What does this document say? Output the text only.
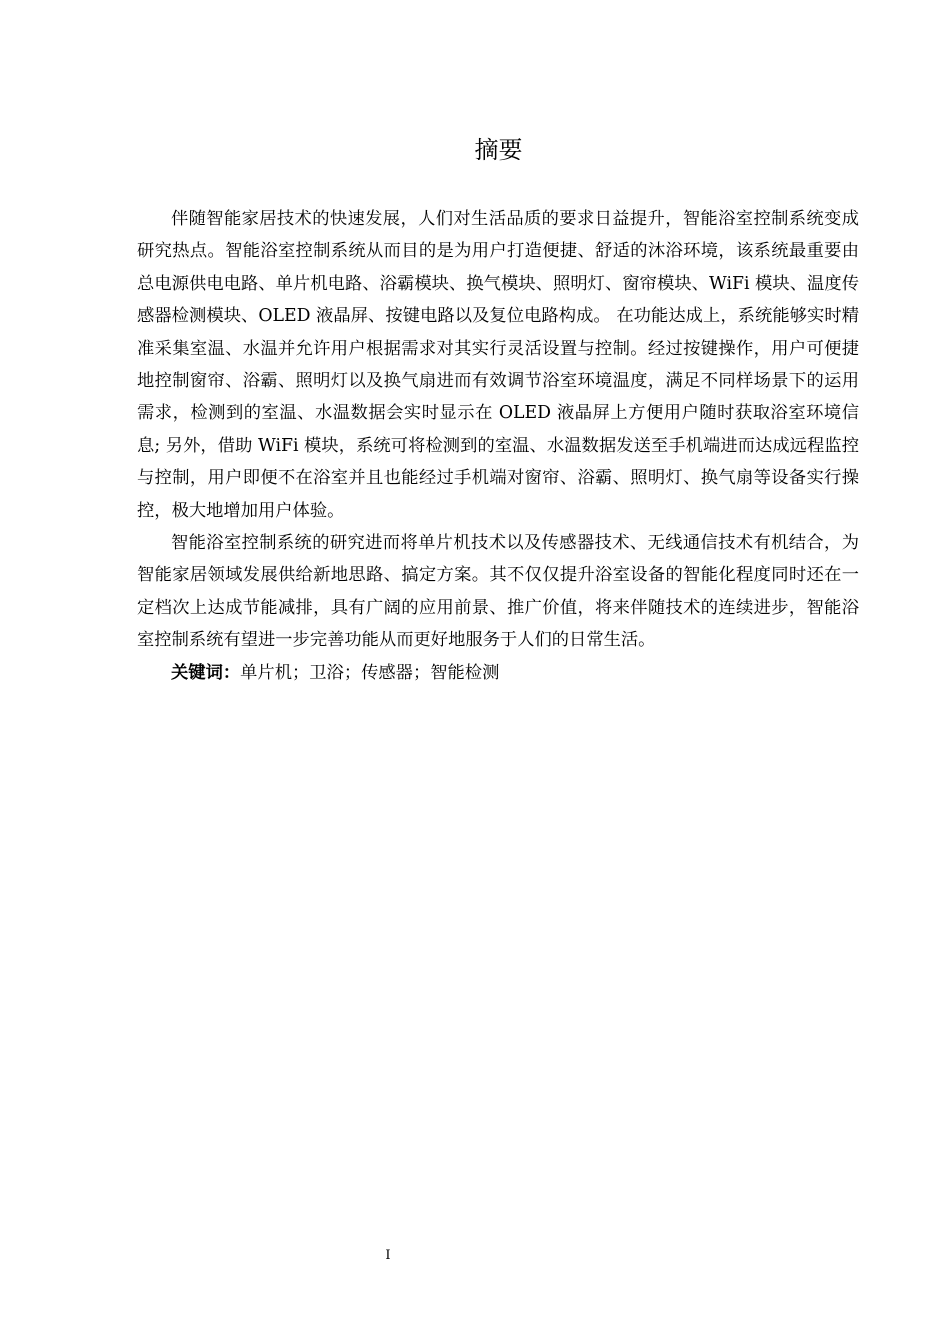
摘要

伴随智能家居技术的快速发展，人们对生活品质的要求日益提升，智能浴室控制系统变成研究热点。智能浴室控制系统从而目的是为用户打造便捷、舒适的沐浴环境，该系统最重要由总电源供电电路、单片机电路、浴霸模块、换气模块、照明灯、窗帘模块、WiFi 模块、温度传感器检测模块、OLED 液晶屏、按键电路以及复位电路构成。 在功能达成上，系统能够实时精准采集室温、水温并允许用户根据需求对其实行灵活设置与控制。经过按键操作，用户可便捷地控制窗帘、浴霸、照明灯以及换气扇进而有效调节浴室环境温度，满足不同样场景下的运用需求，检测到的室温、水温数据会实时显示在 OLED 液晶屏上方便用户随时获取浴室环境信息; 另外，借助 WiFi 模块，系统可将检测到的室温、水温数据发送至手机端进而达成远程监控与控制，用户即便不在浴室并且也能经过手机端对窗帘、浴霸、照明灯、换气扇等设备实行操控，极大地增加用户体验。

智能浴室控制系统的研究进而将单片机技术以及传感器技术、无线通信技术有机结合，为智能家居领域发展供给新地思路、搞定方案。其不仅仅提升浴室设备的智能化程度同时还在一定档次上达成节能减排，具有广阔的应用前景、推广价值，将来伴随技术的连续进步，智能浴室控制系统有望进一步完善功能从而更好地服务于人们的日常生活。

关键词：单片机；卫浴；传感器；智能检测

I
